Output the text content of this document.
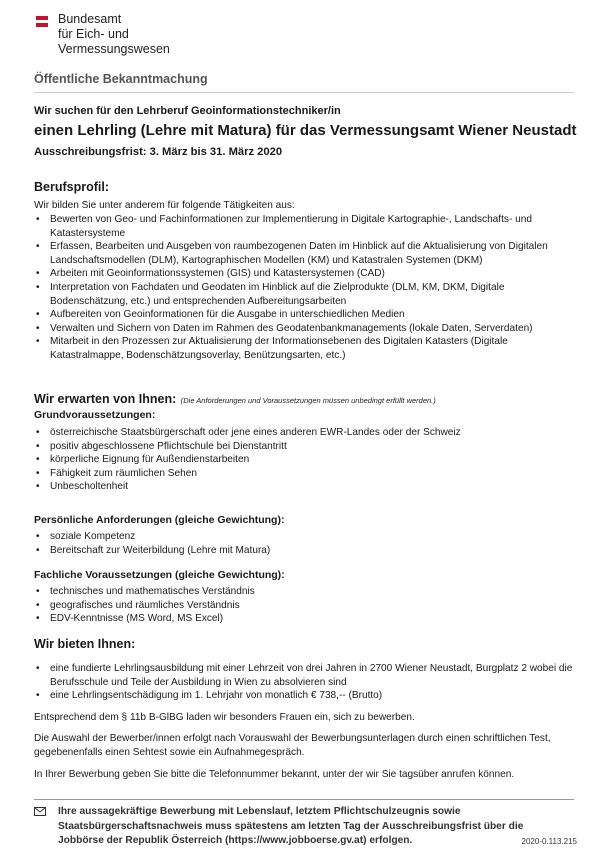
Bundesamt
für Eich- und
Vermessungswesen
Öffentliche Bekanntmachung
Wir suchen für den Lehrberuf Geoinformationstechniker/in
einen Lehrling (Lehre mit Matura) für das Vermessungsamt Wiener Neustadt
Ausschreibungsfrist: 3. März bis 31. März 2020
Berufsprofil:
Wir bilden Sie unter anderem für folgende Tätigkeiten aus:
• Bewerten von Geo- und Fachinformationen zur Implementierung in Digitale Kartographie-, Landschafts- und Katastersysteme
• Erfassen, Bearbeiten und Ausgeben von raumbezogenen Daten im Hinblick auf die Aktualisierung von Digitalen Landschaftsmodellen (DLM), Kartographischen Modellen (KM) und Katastralen Systemen (DKM)
• Arbeiten mit Geoinformationssystemen (GIS) und Katastersystemen (CAD)
• Interpretation von Fachdaten und Geodaten im Hinblick auf die Zielprodukte (DLM, KM, DKM, Digitale Bodenschätzung, etc.) und entsprechenden Aufbereitungsarbeiten
• Aufbereiten von Geoinformationen für die Ausgabe in unterschiedlichen Medien
• Verwalten und Sichern von Daten im Rahmen des Geodatenbankmanagements (lokale Daten, Serverdaten)
• Mitarbeit in den Prozessen zur Aktualisierung der Informationsebenen des Digitalen Katasters (Digitale Katastralmappe, Bodenschätzungsoverlay, Benützungsarten, etc.)
Wir erwarten von Ihnen: (Die Anforderungen und Voraussetzungen müssen unbedingt erfüllt werden.)
Grundvoraussetzungen:
• österreichische Staatsbürgerschaft oder jene eines anderen EWR-Landes oder der Schweiz
• positiv abgeschlossene Pflichtschule bei Dienstantritt
• körperliche Eignung für Außendienstarbeiten
• Fähigkeit zum räumlichen Sehen
• Unbescholtenheit
Persönliche Anforderungen (gleiche Gewichtung):
• soziale Kompetenz
• Bereitschaft zur Weiterbildung (Lehre mit Matura)
Fachliche Voraussetzungen (gleiche Gewichtung):
• technisches und mathematisches Verständnis
• geografisches und räumliches Verständnis
• EDV-Kenntnisse (MS Word, MS Excel)
Wir bieten Ihnen:
• eine fundierte Lehrlingsausbildung mit einer Lehrzeit von drei Jahren in 2700 Wiener Neustadt, Burgplatz 2 wobei die Berufsschule und Teile der Ausbildung in Wien zu absolvieren sind
• eine Lehrlingsentschädigung im 1. Lehrjahr von monatlich € 738,-- (Brutto)
Entsprechend dem § 11b B-GlBG laden wir besonders Frauen ein, sich zu bewerben.
Die Auswahl der Bewerber/innen erfolgt nach Vorauswahl der Bewerbungsunterlagen durch einen schriftlichen Test, gegebenenfalls einen Sehtest sowie ein Aufnahmegespräch.
In Ihrer Bewerbung geben Sie bitte die Telefonnummer bekannt, unter der wir Sie tagsüber anrufen können.
Ihre aussagekräftige Bewerbung mit Lebenslauf, letztem Pflichtschulzeugnis sowie Staatsbürgerschaftsnachweis muss spätestens am letzten Tag der Ausschreibungsfrist über die Jobbörse der Republik Österreich (https://www.jobboerse.gv.at) erfolgen.	2020-0.113.215
